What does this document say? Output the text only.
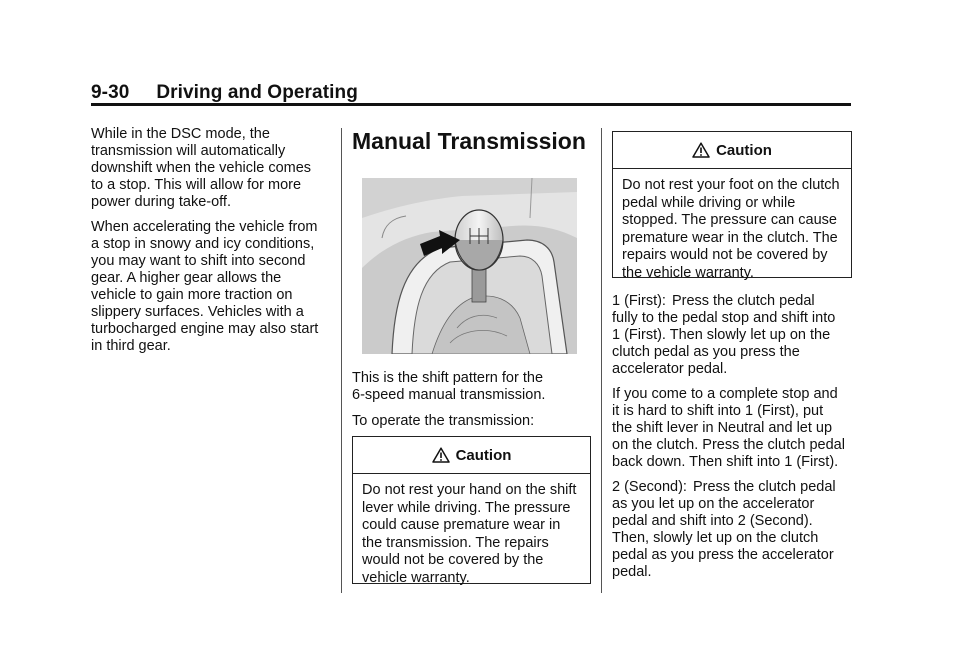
9-30     Driving and Operating

While in the DSC mode, the
transmission will automatically
downshift when the vehicle comes
to a stop. This will allow for more
power during take-off.

When accelerating the vehicle from
a stop in snowy and icy conditions,
you may want to shift into second
gear. A higher gear allows the
vehicle to gain more traction on
slippery surfaces. Vehicles with a
turbocharged engine may also start
in third gear.

Manual Transmission

This is the shift pattern for the
6-speed manual transmission.

To operate the transmission:

Caution
Do not rest your hand on the shift
lever while driving. The pressure
could cause premature wear in
the transmission. The repairs
would not be covered by the
vehicle warranty.
Caution
Do not rest your foot on the clutch
pedal while driving or while
stopped. The pressure can cause
premature wear in the clutch. The
repairs would not be covered by
the vehicle warranty.

1 (First): Press the clutch pedal
fully to the pedal stop and shift into
1 (First). Then slowly let up on the
clutch pedal as you press the
accelerator pedal.

If you come to a complete stop and
it is hard to shift into 1 (First), put
the shift lever in Neutral and let up
on the clutch. Press the clutch pedal
back down. Then shift into 1 (First).

2 (Second): Press the clutch pedal
as you let up on the accelerator
pedal and shift into 2 (Second).
Then, slowly let up on the clutch
pedal as you press the accelerator
pedal.
